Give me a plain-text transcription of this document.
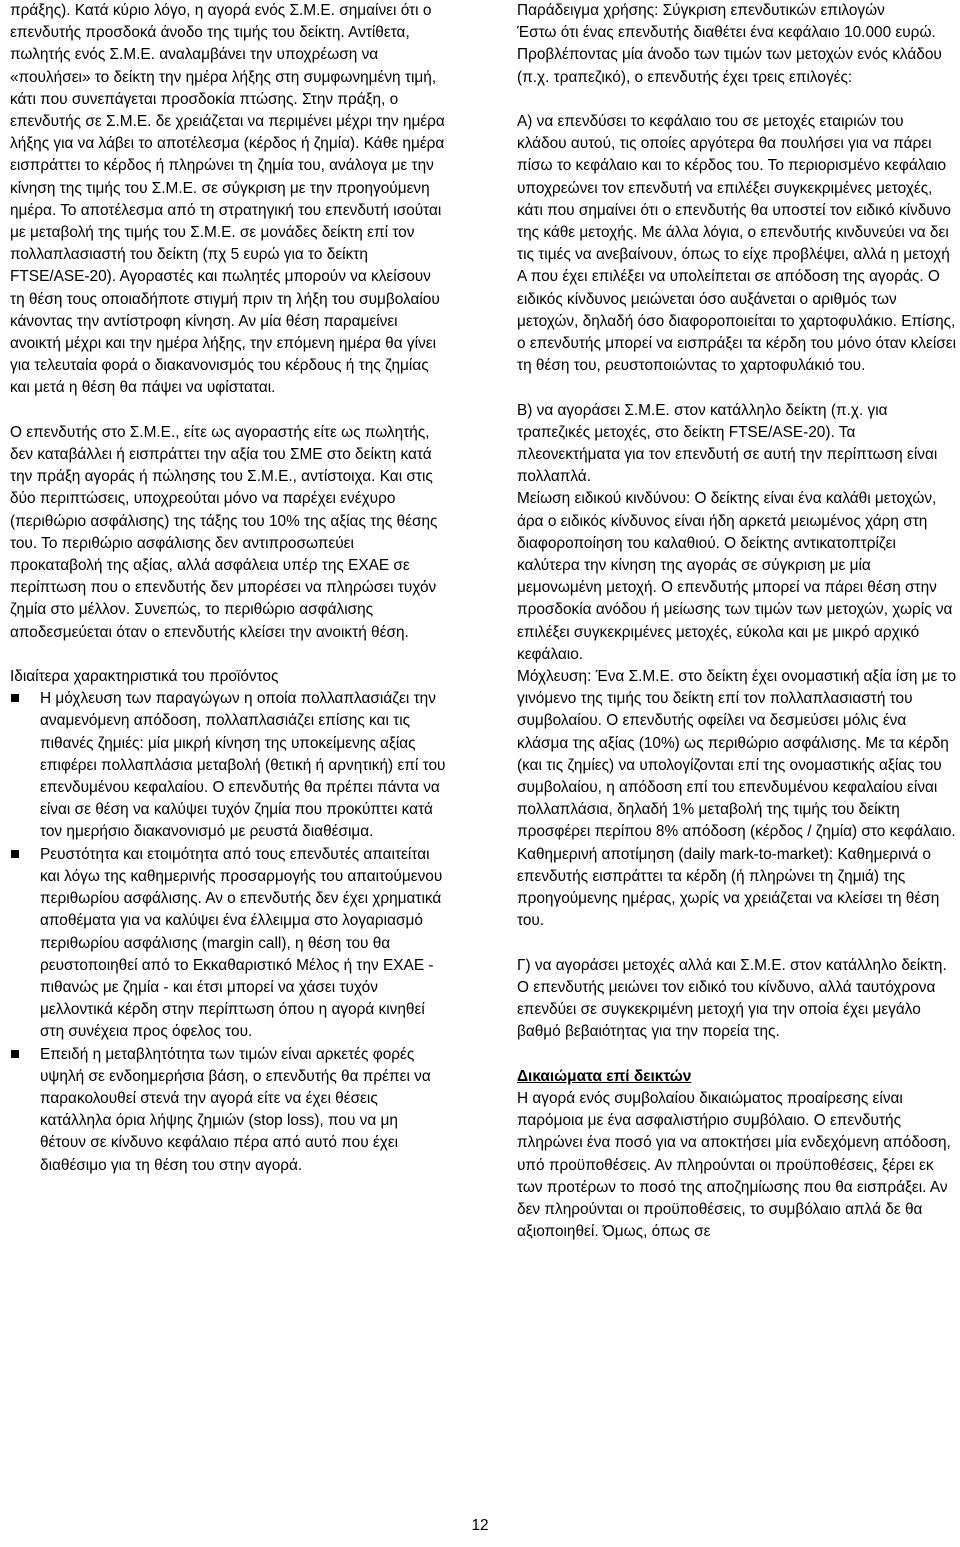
πράξης). Κατά κύριο λόγο, η αγορά ενός Σ.Μ.Ε. σημαίνει ότι ο επενδυτής προσδοκά άνοδο της τιμής του δείκτη. Αντίθετα, πωλητής ενός Σ.Μ.Ε. αναλαμβάνει την υποχρέωση να «πουλήσει» το δείκτη την ημέρα λήξης στη συμφωνημένη τιμή, κάτι που συνεπάγεται προσδοκία πτώσης. Στην πράξη, ο επενδυτής σε Σ.Μ.Ε. δε χρειάζεται να περιμένει μέχρι την ημέρα λήξης για να λάβει το αποτέλεσμα (κέρδος ή ζημία). Κάθε ημέρα εισπράττει το κέρδος ή πληρώνει τη ζημία του, ανάλογα με την κίνηση της τιμής του Σ.Μ.Ε. σε σύγκριση με την προηγούμενη ημέρα. Το αποτέλεσμα από τη στρατηγική του επενδυτή ισούται με μεταβολή της τιμής του Σ.Μ.Ε. σε μονάδες δείκτη επί τον πολλαπλασιαστή του δείκτη (πχ 5 ευρώ για το δείκτη FTSE/ASE-20). Αγοραστές και πωλητές μπορούν να κλείσουν τη θέση τους οποιαδήποτε στιγμή πριν τη λήξη του συμβολαίου κάνοντας την αντίστροφη κίνηση. Αν μία θέση παραμείνει ανοικτή μέχρι και την ημέρα λήξης, την επόμενη ημέρα θα γίνει για τελευταία φορά ο διακανονισμός του κέρδους ή της ζημίας και μετά η θέση θα πάψει να υφίσταται.

Ο επενδυτής στο Σ.Μ.Ε., είτε ως αγοραστής είτε ως πωλητής, δεν καταβάλλει ή εισπράττει την αξία του ΣΜΕ στο δείκτη κατά την πράξη αγοράς ή πώλησης του Σ.Μ.Ε., αντίστοιχα. Και στις δύο περιπτώσεις, υποχρεούται μόνο να παρέχει ενέχυρο (περιθώριο ασφάλισης) της τάξης του 10% της αξίας της θέσης του. Το περιθώριο ασφάλισης δεν αντιπροσωπεύει προκαταβολή της αξίας, αλλά ασφάλεια υπέρ της ΕΧΑΕ σε περίπτωση που ο επενδυτής δεν μπορέσει να πληρώσει τυχόν ζημία στο μέλλον. Συνεπώς, το περιθώριο ασφάλισης αποδεσμεύεται όταν ο επενδυτής κλείσει την ανοικτή θέση.

Ιδιαίτερα χαρακτηριστικά του προϊόντος

Η μόχλευση των παραγώγων η οποία πολλαπλασιάζει την αναμενόμενη απόδοση, πολλαπλασιάζει επίσης και τις πιθανές ζημιές: μία μικρή κίνηση της υποκείμενης αξίας επιφέρει πολλαπλάσια μεταβολή (θετική ή αρνητική) επί του επενδυμένου κεφαλαίου. Ο επενδυτής θα πρέπει πάντα να είναι σε θέση να καλύψει τυχόν ζημία που προκύπτει κατά τον ημερήσιο διακανονισμό με ρευστά διαθέσιμα.
Ρευστότητα και ετοιμότητα από τους επενδυτές απαιτείται και λόγω της καθημερινής προσαρμογής του απαιτούμενου περιθωρίου ασφάλισης. Αν ο επενδυτής δεν έχει χρηματικά αποθέματα για να καλύψει ένα έλλειμμα στο λογαριασμό περιθωρίου ασφάλισης (margin call), η θέση του θα ρευστοποιηθεί από το Εκκαθαριστικό Μέλος ή την ΕΧΑΕ - πιθανώς με ζημία - και έτσι μπορεί να χάσει τυχόν μελλοντικά κέρδη στην περίπτωση όπου η αγορά κινηθεί στη συνέχεια προς όφελος του.
Επειδή η μεταβλητότητα των τιμών είναι αρκετές φορές υψηλή σε ενδοημερήσια βάση, ο επενδυτής θα πρέπει να παρακολουθεί στενά την αγορά είτε να έχει θέσεις κατάλληλα όρια λήψης ζημιών (stop loss), που να μη θέτουν σε κίνδυνο κεφάλαιο πέρα από αυτό που έχει διαθέσιμο για τη θέση του στην αγορά.

Παράδειγμα χρήσης: Σύγκριση επενδυτικών επιλογών

Έστω ότι ένας επενδυτής διαθέτει ένα κεφάλαιο 10.000 ευρώ. Προβλέποντας μία άνοδο των τιμών των μετοχών ενός κλάδου (π.χ. τραπεζικό), ο επενδυτής έχει τρεις επιλογές:

Α) να επενδύσει το κεφάλαιο του σε μετοχές εταιριών του κλάδου αυτού, τις οποίες αργότερα θα πουλήσει για να πάρει πίσω το κεφάλαιο και το κέρδος του. Το περιορισμένο κεφάλαιο υποχρεώνει τον επενδυτή να επιλέξει συγκεκριμένες μετοχές, κάτι που σημαίνει ότι ο επενδυτής θα υποστεί τον ειδικό κίνδυνο της κάθε μετοχής. Με άλλα λόγια, ο επενδυτής κινδυνεύει να δει τις τιμές να ανεβαίνουν, όπως το είχε προβλέψει, αλλά η μετοχή Α που έχει επιλέξει να υπολείπεται σε απόδοση της αγοράς. Ο ειδικός κίνδυνος μειώνεται όσο αυξάνεται ο αριθμός των μετοχών, δηλαδή όσο διαφοροποιείται το χαρτοφυλάκιο. Επίσης, ο επενδυτής μπορεί να εισπράξει τα κέρδη του μόνο όταν κλείσει τη θέση του, ρευστοποιώντας το χαρτοφυλάκιό του.

Β) να αγοράσει Σ.Μ.Ε. στον κατάλληλο δείκτη (π.χ. για τραπεζικές μετοχές, στο δείκτη FTSE/ASE-20). Τα πλεονεκτήματα για τον επενδυτή σε αυτή την περίπτωση είναι πολλαπλά.

Μείωση ειδικού κινδύνου: Ο δείκτης είναι ένα καλάθι μετοχών, άρα ο ειδικός κίνδυνος είναι ήδη αρκετά μειωμένος χάρη στη διαφοροποίηση του καλαθιού. Ο δείκτης αντικατοπτρίζει καλύτερα την κίνηση της αγοράς σε σύγκριση με μία μεμονωμένη μετοχή. Ο επενδυτής μπορεί να πάρει θέση στην προσδοκία ανόδου ή μείωσης των τιμών των μετοχών, χωρίς να επιλέξει συγκεκριμένες μετοχές, εύκολα και με μικρό αρχικό κεφάλαιο.

Μόχλευση: Ένα Σ.Μ.Ε. στο δείκτη έχει ονομαστική αξία ίση με το γινόμενο της τιμής του δείκτη επί τον πολλαπλασιαστή του συμβολαίου. Ο επενδυτής οφείλει να δεσμεύσει μόλις ένα κλάσμα της αξίας (10%) ως περιθώριο ασφάλισης. Με τα κέρδη (και τις ζημίες) να υπολογίζονται επί της ονομαστικής αξίας του συμβολαίου, η απόδοση επί του επενδυμένου κεφαλαίου είναι πολλαπλάσια, δηλαδή 1% μεταβολή της τιμής του δείκτη προσφέρει περίπου 8% απόδοση (κέρδος / ζημία) στο κεφάλαιο.

Καθημερινή αποτίμηση (daily mark-to-market): Καθημερινά ο επενδυτής εισπράττει τα κέρδη (ή πληρώνει τη ζημιά) της προηγούμενης ημέρας, χωρίς να χρειάζεται να κλείσει τη θέση του.

Γ) να αγοράσει μετοχές αλλά και Σ.Μ.Ε. στον κατάλληλο δείκτη. Ο επενδυτής μειώνει τον ειδικό του κίνδυνο, αλλά ταυτόχρονα επενδύει σε συγκεκριμένη μετοχή για την οποία έχει μεγάλο βαθμό βεβαιότητας για την πορεία της.

Δικαιώματα επί δεικτών

Η αγορά ενός συμβολαίου δικαιώματος προαίρεσης είναι παρόμοια με ένα ασφαλιστήριο συμβόλαιο. Ο επενδυτής πληρώνει ένα ποσό για να αποκτήσει μία ενδεχόμενη απόδοση, υπό προϋποθέσεις. Αν πληρούνται οι προϋποθέσεις, ξέρει εκ των προτέρων το ποσό της αποζημίωσης που θα εισπράξει. Αν δεν πληρούνται οι προϋποθέσεις, το συμβόλαιο απλά δε θα αξιοποιηθεί. Όμως, όπως σε

12
